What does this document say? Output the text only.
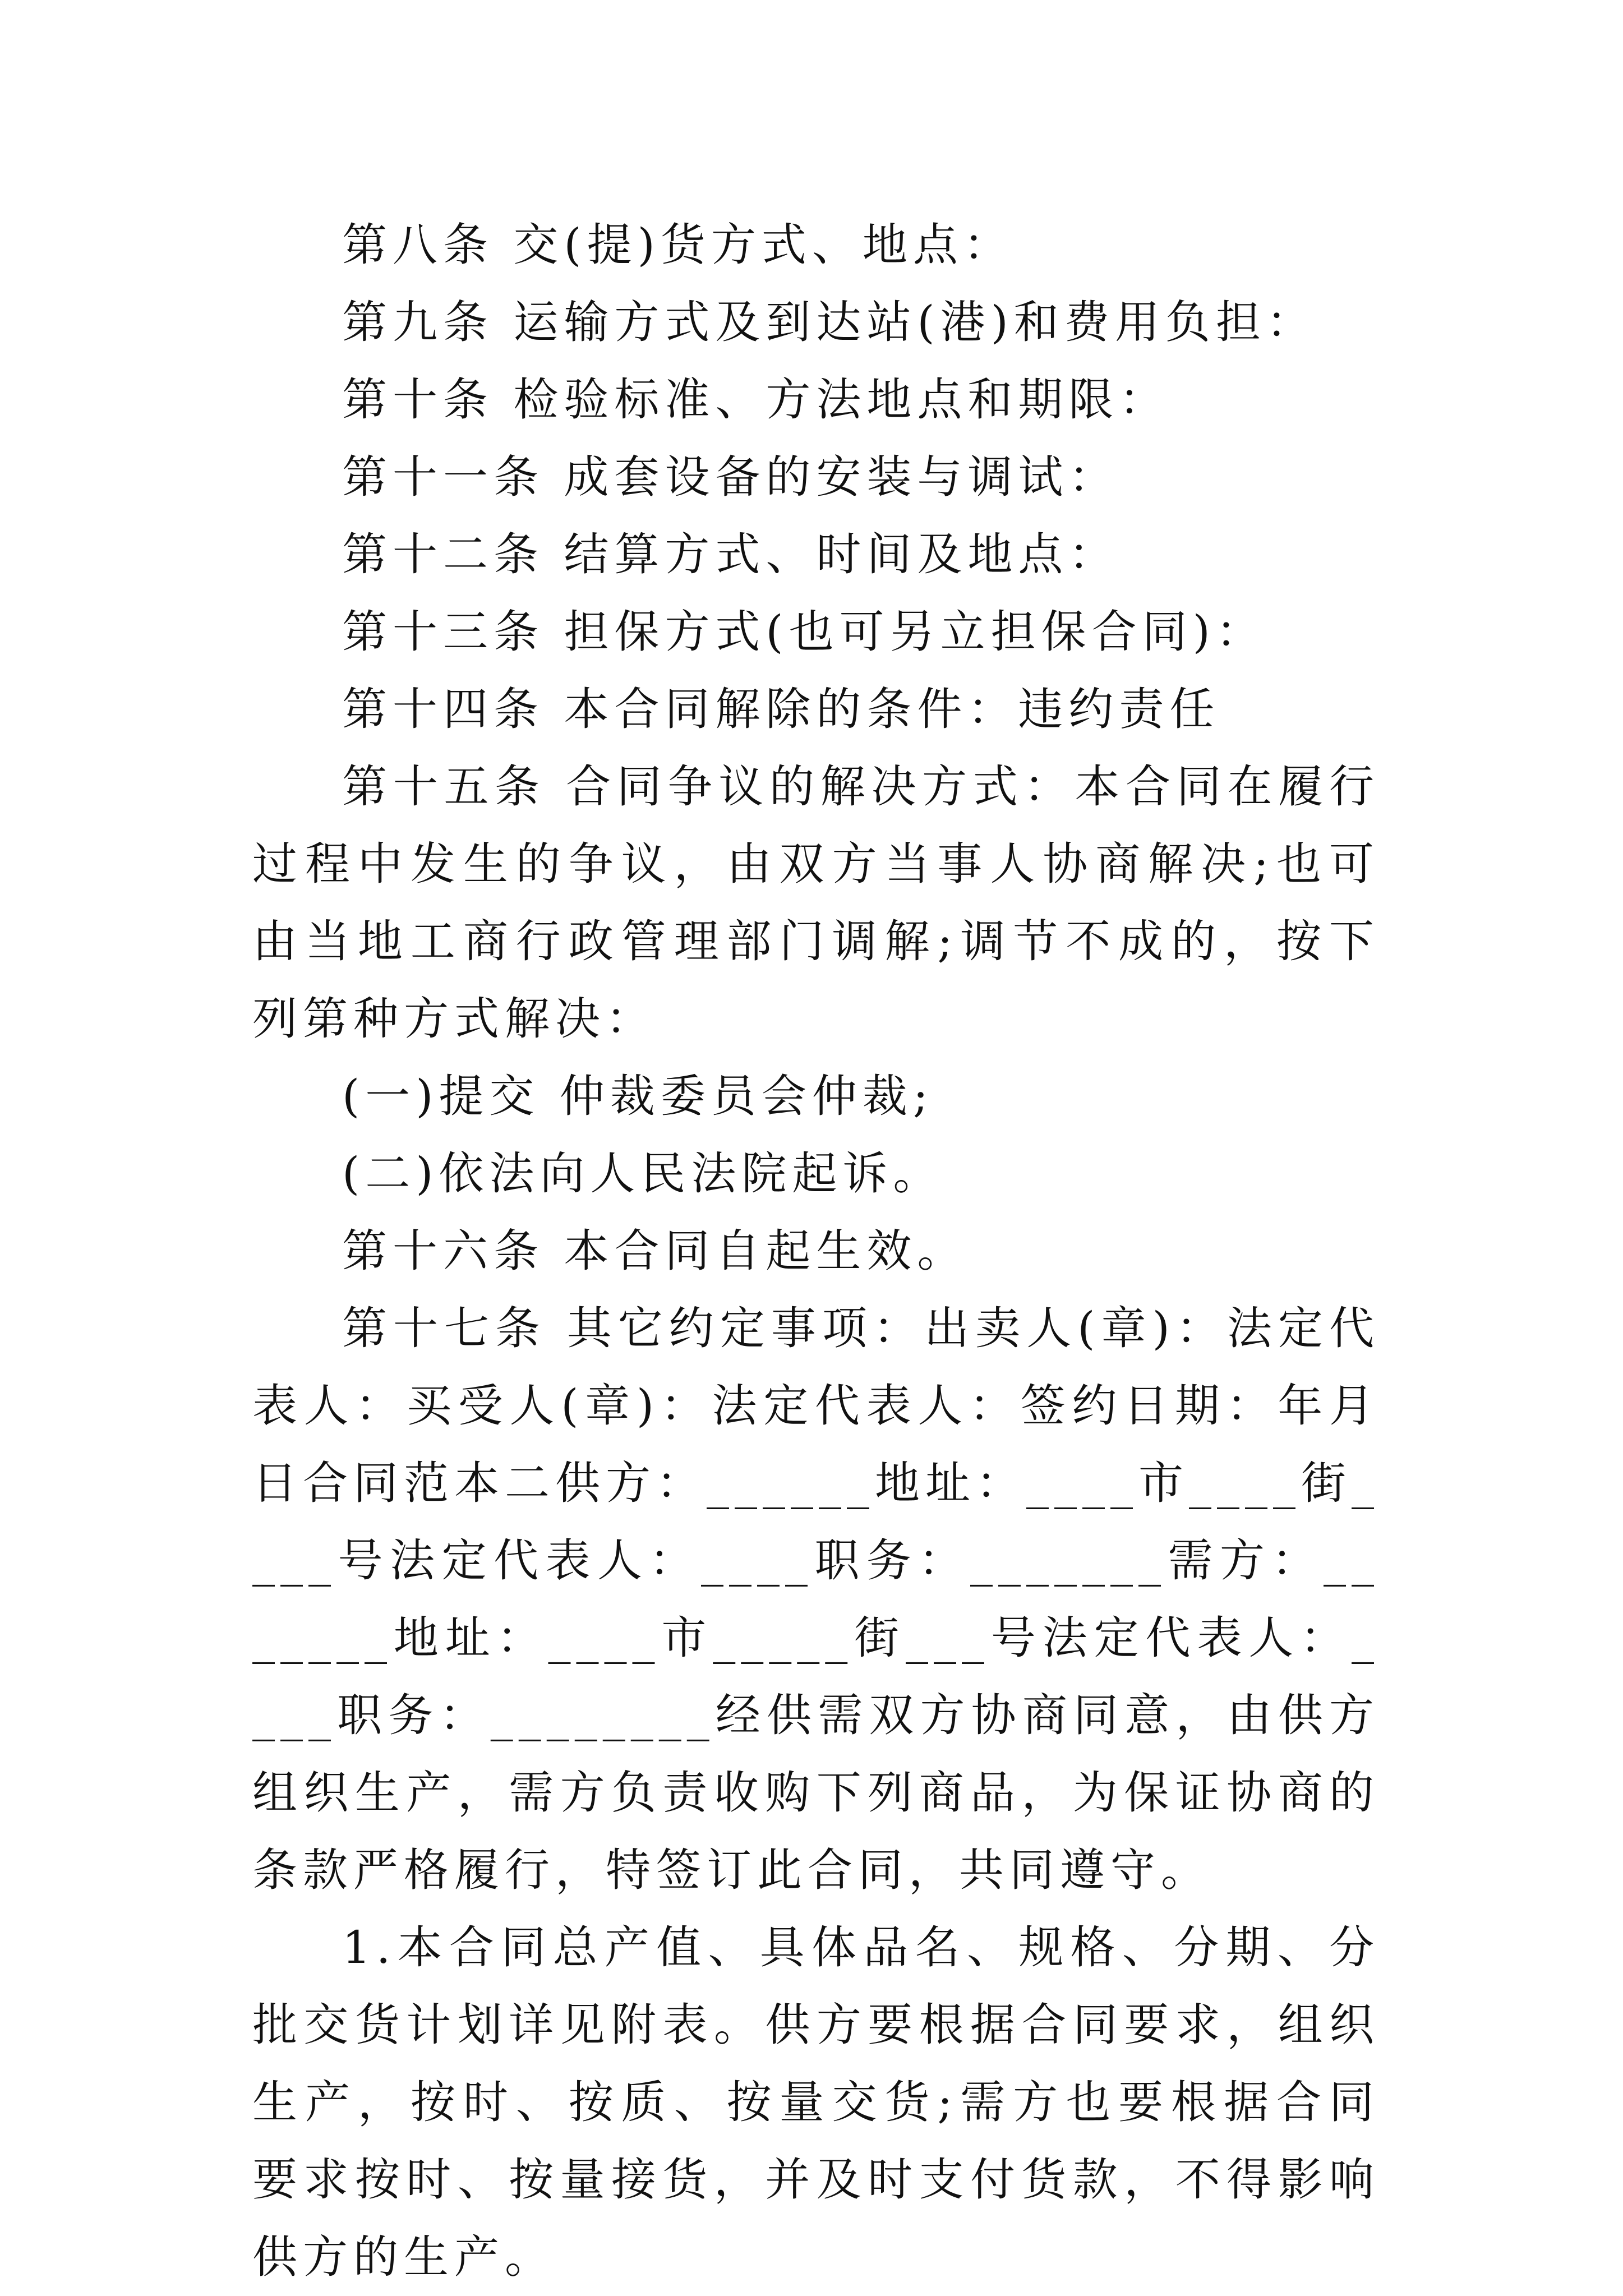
第八条 交(提)货方式、地点：

第九条 运输方式及到达站(港)和费用负担：

第十条 检验标准、方法地点和期限：

第十一条 成套设备的安装与调试：

第十二条 结算方式、时间及地点：

第十三条 担保方式(也可另立担保合同)：

第十四条 本合同解除的条件：违约责任

第十五条 合同争议的解决方式：本合同在履行过程中发生的争议，由双方当事人协商解决;也可由当地工商行政管理部门调解;调节不成的，按下列第种方式解决：

(一)提交 仲裁委员会仲裁;

(二)依法向人民法院起诉。

第十六条 本合同自起生效。

第十七条 其它约定事项：出卖人(章)：法定代表人：买受人(章)：法定代表人：签约日期：年月日合同范本二供方：______地址：____市____街____号法定代表人：____职务：_______需方：_______地址：____市_____街___号法定代表人：____职务：________经供需双方协商同意，由供方组织生产，需方负责收购下列商品，为保证协商的条款严格履行，特签订此合同，共同遵守。

1.本合同总产值、具体品名、规格、分期、分批交货计划详见附表。供方要根据合同要求，组织生产，按时、按质、按量交货;需方也要根据合同要求按时、按量接货，并及时支付货款，不得影响供方的生产。
